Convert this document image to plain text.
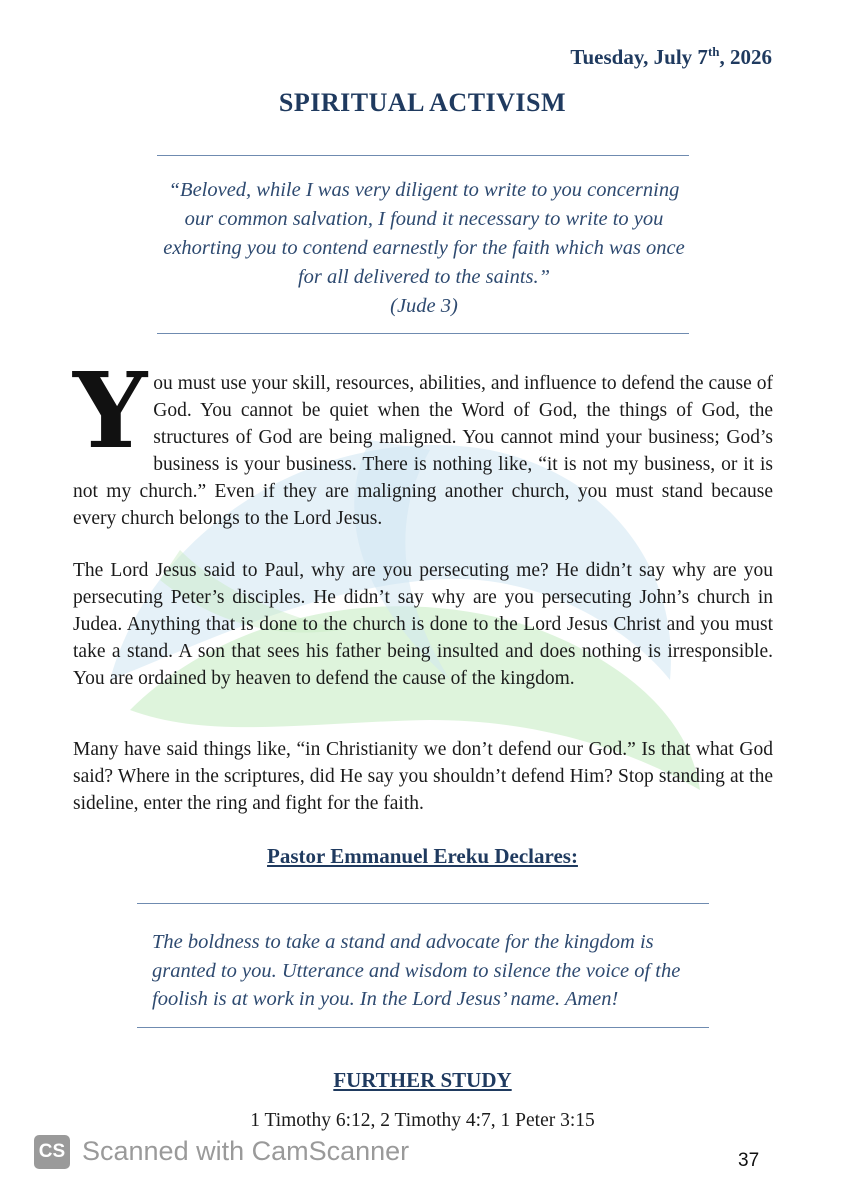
Tuesday, July 7th, 2026
SPIRITUAL ACTIVISM
“Beloved, while I was very diligent to write to you concerning our common salvation, I found it necessary to write to you exhorting you to contend earnestly for the faith which was once for all delivered to the saints.”
(Jude 3)
You must use your skill, resources, abilities, and influence to defend the cause of God. You cannot be quiet when the Word of God, the things of God, the structures of God are being maligned. You cannot mind your business; God’s business is your business. There is nothing like, “it is not my business, or it is not my church.” Even if they are maligning another church, you must stand because every church belongs to the Lord Jesus.
The Lord Jesus said to Paul, why are you persecuting me? He didn’t say why are you persecuting Peter’s disciples. He didn’t say why are you persecuting John’s church in Judea. Anything that is done to the church is done to the Lord Jesus Christ and you must take a stand. A son that sees his father being insulted and does nothing is irresponsible. You are ordained by heaven to defend the cause of the kingdom.
Many have said things like, “in Christianity we don’t defend our God.” Is that what God said? Where in the scriptures, did He say you shouldn’t defend Him? Stop standing at the sideline, enter the ring and fight for the faith.
Pastor Emmanuel Ereku Declares:
The boldness to take a stand and advocate for the kingdom is granted to you. Utterance and wisdom to silence the voice of the foolish is at work in you. In the Lord Jesus’ name. Amen!
FURTHER STUDY
1 Timothy 6:12, 2 Timothy 4:7, 1 Peter 3:15
CS Scanned with CamScanner	37
